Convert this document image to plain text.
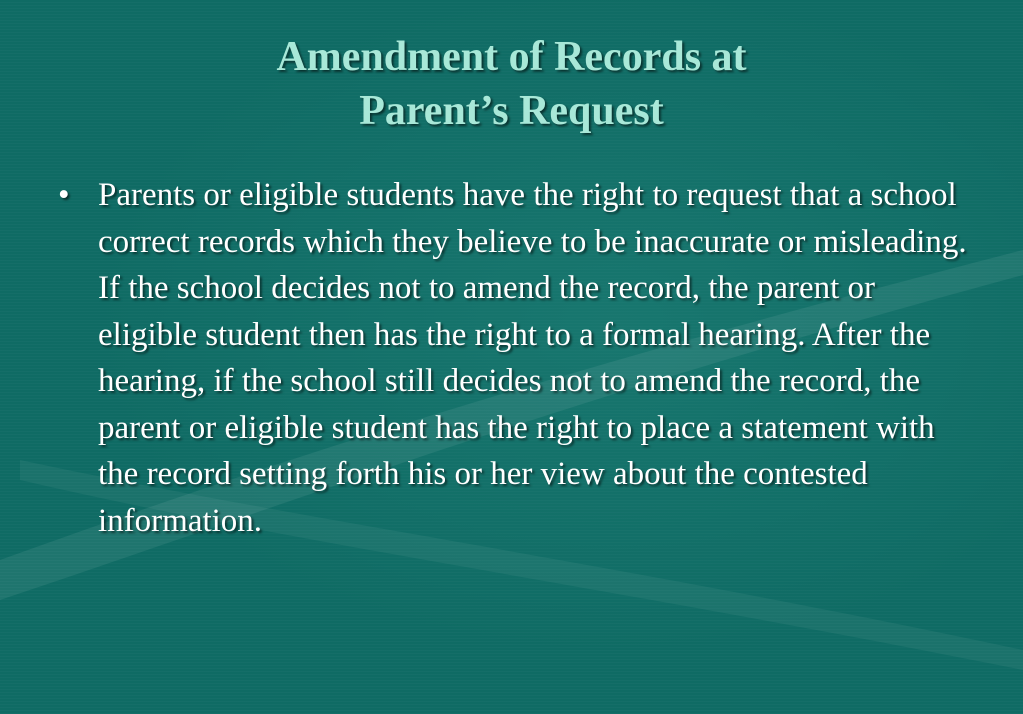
Amendment of Records at
Parent’s Request
• Parents or eligible students have the right to request that a school correct records which they believe to be inaccurate or misleading. If the school decides not to amend the record, the parent or eligible student then has the right to a formal hearing. After the hearing, if the school still decides not to amend the record, the parent or eligible student has the right to place a statement with the record setting forth his or her view about the contested information.
